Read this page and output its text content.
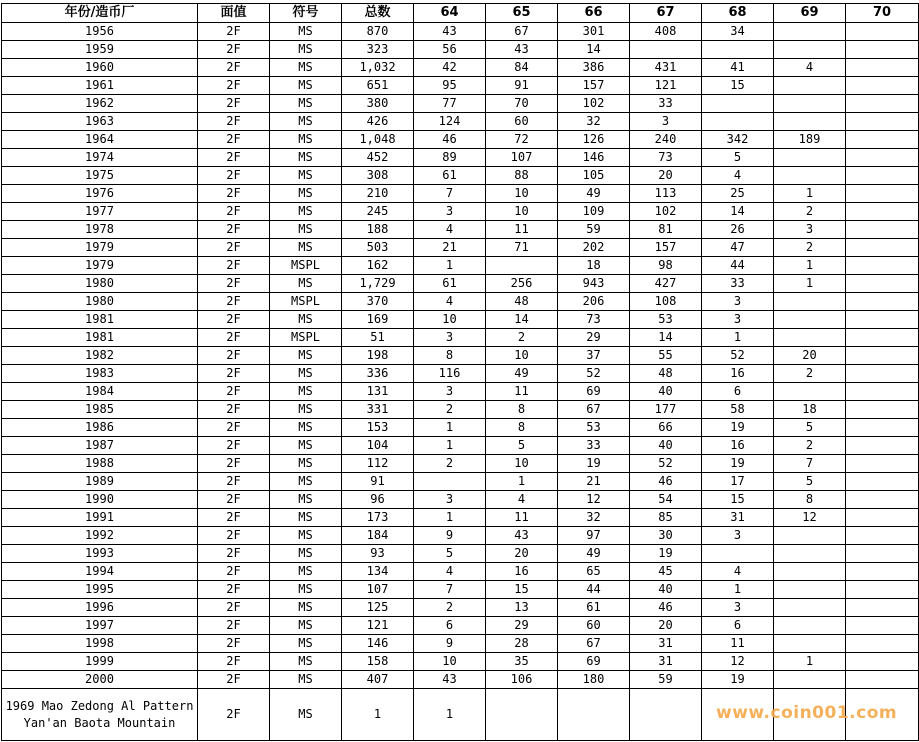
年份/造币厂	面值	符号	总数	64	65	66	67	68	69	70
1956	2F	MS	870	43	67	301	408	34		
1959	2F	MS	323	56	43	14				
1960	2F	MS	1,032	42	84	386	431	41	4	
1961	2F	MS	651	95	91	157	121	15		
1962	2F	MS	380	77	70	102	33			
1963	2F	MS	426	124	60	32	3			
1964	2F	MS	1,048	46	72	126	240	342	189	
1974	2F	MS	452	89	107	146	73	5		
1975	2F	MS	308	61	88	105	20	4		
1976	2F	MS	210	7	10	49	113	25	1	
1977	2F	MS	245	3	10	109	102	14	2	
1978	2F	MS	188	4	11	59	81	26	3	
1979	2F	MS	503	21	71	202	157	47	2	
1979	2F	MSPL	162	1		18	98	44	1	
1980	2F	MS	1,729	61	256	943	427	33	1	
1980	2F	MSPL	370	4	48	206	108	3		
1981	2F	MS	169	10	14	73	53	3		
1981	2F	MSPL	51	3	2	29	14	1		
1982	2F	MS	198	8	10	37	55	52	20	
1983	2F	MS	336	116	49	52	48	16	2	
1984	2F	MS	131	3	11	69	40	6		
1985	2F	MS	331	2	8	67	177	58	18	
1986	2F	MS	153	1	8	53	66	19	5	
1987	2F	MS	104	1	5	33	40	16	2	
1988	2F	MS	112	2	10	19	52	19	7	
1989	2F	MS	91		1	21	46	17	5	
1990	2F	MS	96	3	4	12	54	15	8	
1991	2F	MS	173	1	11	32	85	31	12	
1992	2F	MS	184	9	43	97	30	3		
1993	2F	MS	93	5	20	49	19			
1994	2F	MS	134	4	16	65	45	4		
1995	2F	MS	107	7	15	44	40	1		
1996	2F	MS	125	2	13	61	46	3		
1997	2F	MS	121	6	29	60	20	6		
1998	2F	MS	146	9	28	67	31	11		
1999	2F	MS	158	10	35	69	31	12	1	
2000	2F	MS	407	43	106	180	59	19		
1969 Mao Zedong Al Pattern Yan'an Baota Mountain	2F	MS	1	1							www.coin001.com
